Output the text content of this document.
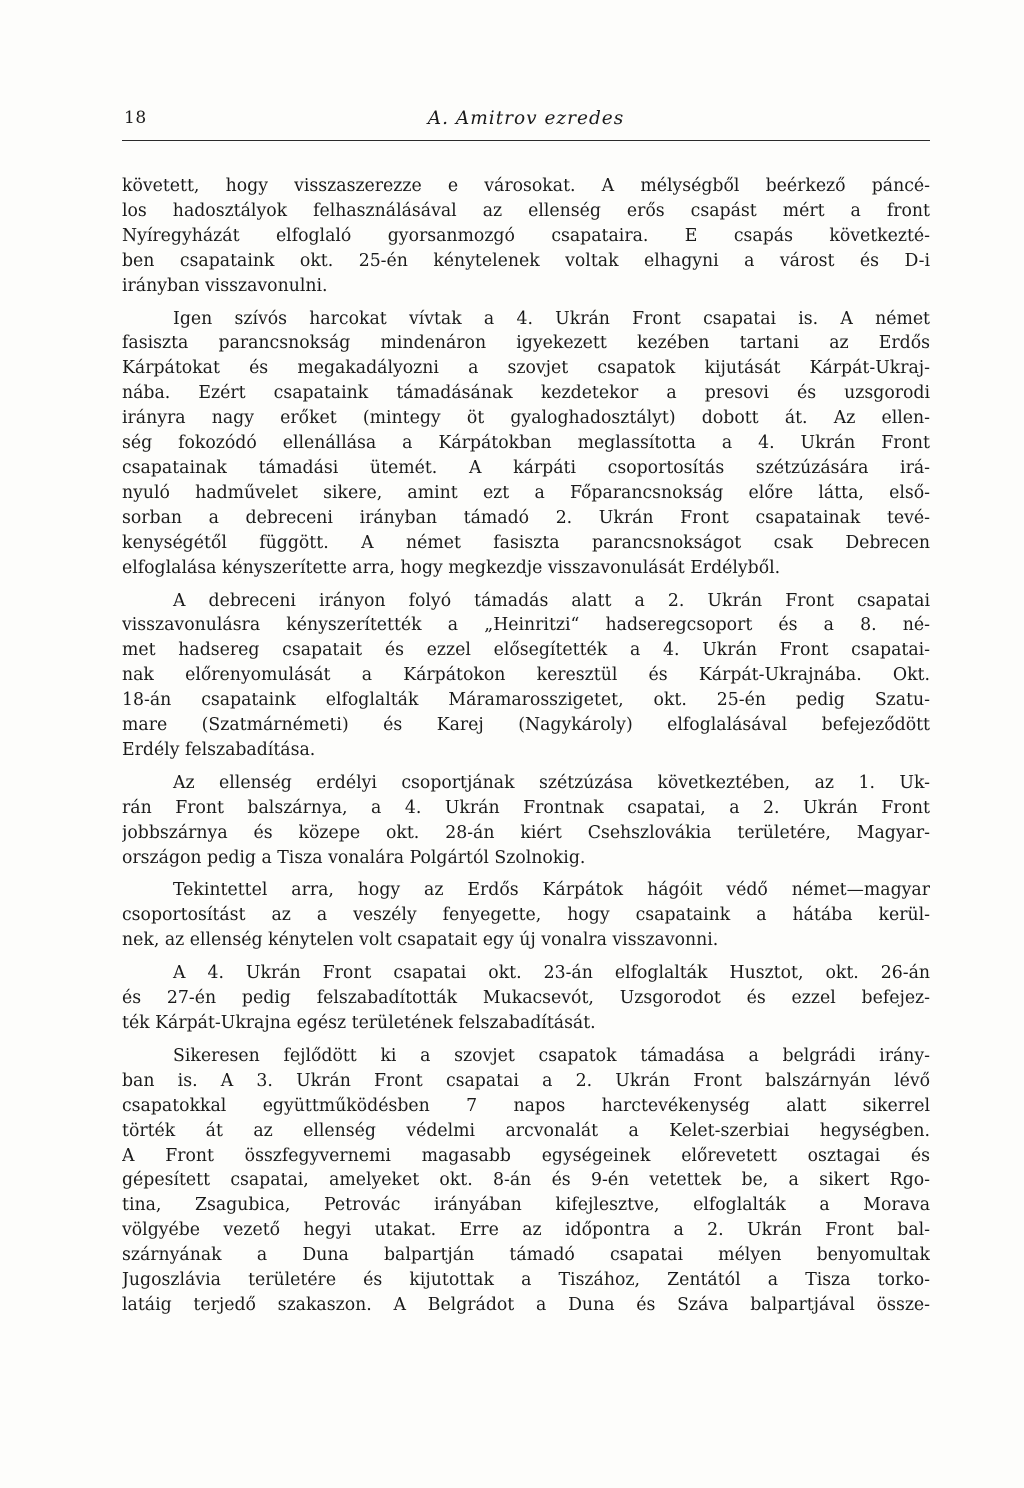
18	A. Amitrov ezredes
követett, hogy visszaszerezze e városokat. A mélységből beérkező páncé-
los hadosztályok felhasználásával az ellenség erős csapást mért a front
Nyíregyházát elfoglaló gyorsanmozgó csapataira. E csapás következté-
ben csapataink okt. 25-én kénytelenek voltak elhagyni a várost és D-i
irányban visszavonulni.
Igen szívós harcokat vívtak a 4. Ukrán Front csapatai is. A német
fasiszta parancsnokság mindenáron igyekezett kezében tartani az Erdős
Kárpátokat és megakadályozni a szovjet csapatok kijutását Kárpát-Ukraj-
nába. Ezért csapataink támadásának kezdetekor a presovi és uzsgorodi
irányra nagy erőket (mintegy öt gyaloghadosztályt) dobott át. Az ellen-
ség fokozódó ellenállása a Kárpátokban meglassította a 4. Ukrán Front
csapatainak támadási ütemét. A kárpáti csoportosítás szétzúzására irá-
nyuló hadművelet sikere, amint ezt a Főparancsnokság előre látta, első-
sorban a debreceni irányban támadó 2. Ukrán Front csapatainak tevé-
kenységétől függött. A német fasiszta parancsnokságot csak Debrecen
elfoglalása kényszerítette arra, hogy megkezdje visszavonulását Erdélyből.
A debreceni irányon folyó támadás alatt a 2. Ukrán Front csapatai
visszavonulásra kényszerítették a „Heinritzi“ hadseregcsoport és a 8. né-
met hadsereg csapatait és ezzel elősegítették a 4. Ukrán Front csapatai-
nak előrenyomulását a Kárpátokon keresztül és Kárpát-Ukrajnába. Okt.
18-án csapataink elfoglalták Máramarosszigetet, okt. 25-én pedig Szatu-
mare (Szatmárnémeti) és Karej (Nagykároly) elfoglalásával befejeződött
Erdély felszabadítása.
Az ellenség erdélyi csoportjának szétzúzása következtében, az 1. Uk-
rán Front balszárnya, a 4. Ukrán Frontnak csapatai, a 2. Ukrán Front
jobbszárnya és közepe okt. 28-án kiért Csehszlovákia területére, Magyar-
országon pedig a Tisza vonalára Polgártól Szolnokig.
Tekintettel arra, hogy az Erdős Kárpátok hágóit védő német—magyar
csoportosítást az a veszély fenyegette, hogy csapataink a hátába kerül-
nek, az ellenség kénytelen volt csapatait egy új vonalra visszavonni.
A 4. Ukrán Front csapatai okt. 23-án elfoglalták Husztot, okt. 26-án
és 27-én pedig felszabadították Mukacsevót, Uzsgorodot és ezzel befejez-
ték Kárpát-Ukrajna egész területének felszabadítását.
Sikeresen fejlődött ki a szovjet csapatok támadása a belgrádi irány-
ban is. A 3. Ukrán Front csapatai a 2. Ukrán Front balszárnyán lévő
csapatokkal együttműködésben 7 napos harctevékenység alatt sikerrel
törték át az ellenség védelmi arcvonalát a Kelet-szerbiai hegységben.
A Front összfegyvernemi magasabb egységeinek előrevetett osztagai és
gépesített csapatai, amelyeket okt. 8-án és 9-én vetettek be, a sikert Rgo-
tina, Zsagubica, Petrovác irányában kifejlesztve, elfoglalták a Morava
völgyébe vezető hegyi utakat. Erre az időpontra a 2. Ukrán Front bal-
szárnyának a Duna balpartján támadó csapatai mélyen benyomultak
Jugoszlávia területére és kijutottak a Tiszához, Zentától a Tisza torko-
latáig terjedő szakaszon. A Belgrádot a Duna és Száva balpartjával össze-
